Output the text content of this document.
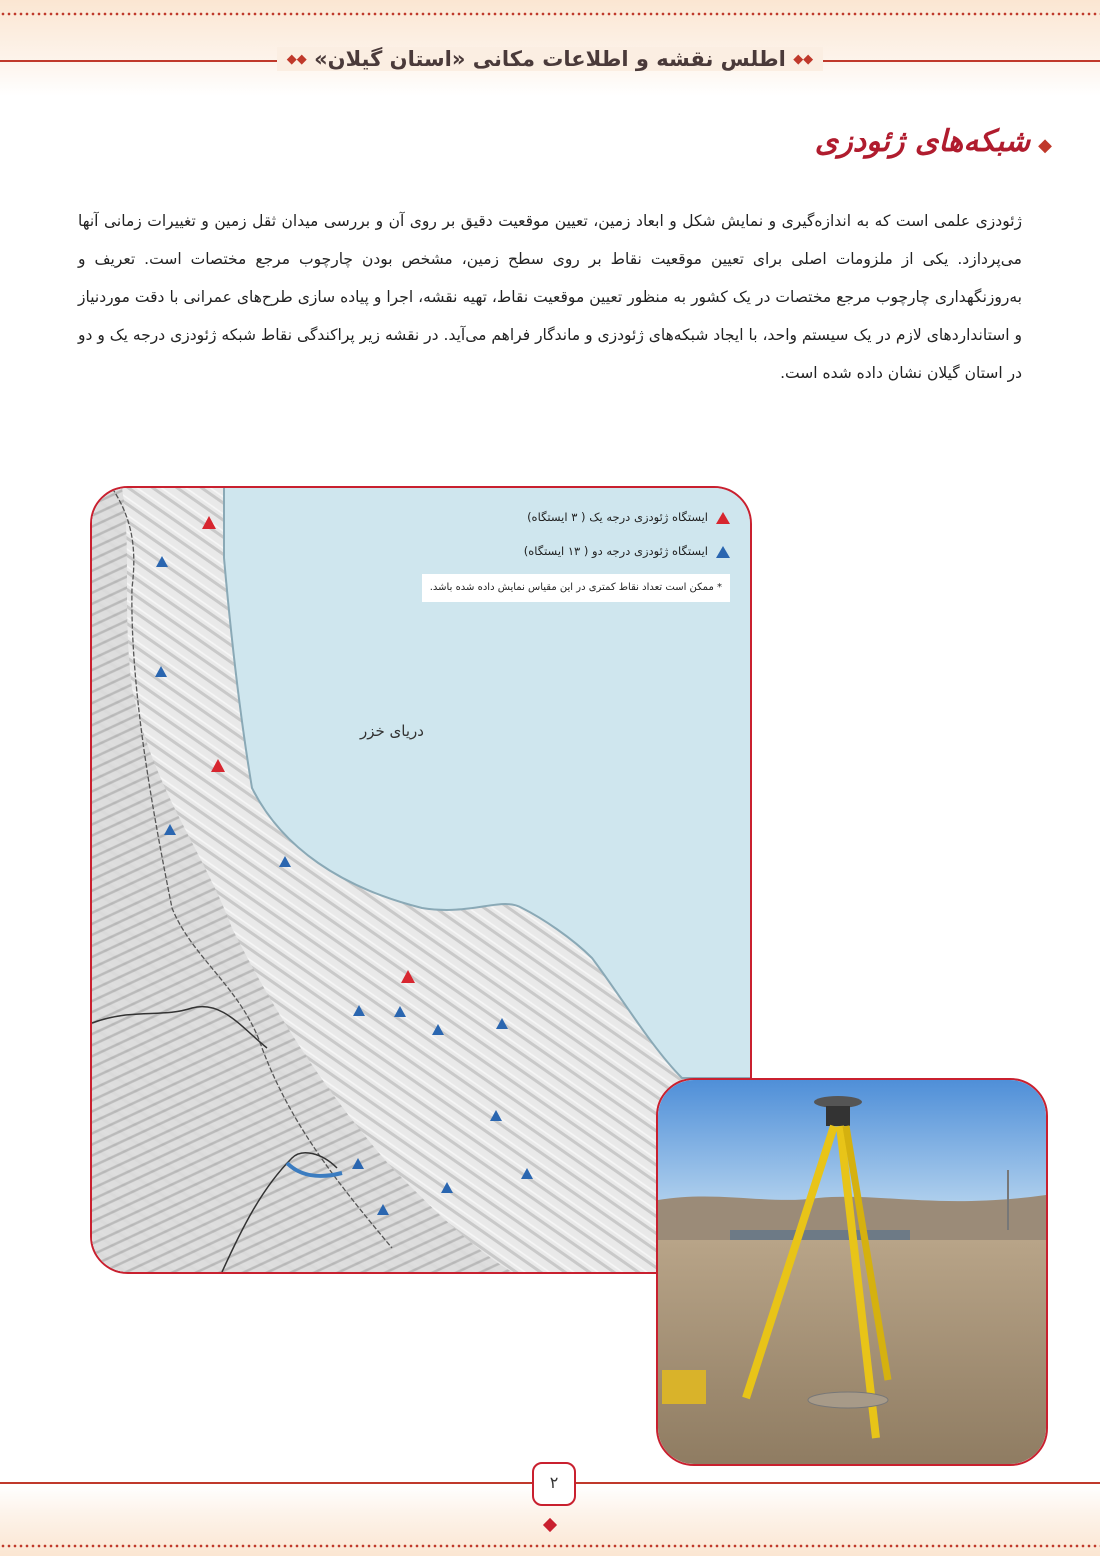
◆◆ اطلس نقشه و اطلاعات مکانی «استان گیلان» ◆◆
◆شبکه‌های ژئودزی
ژئودزی علمی است که به اندازه‌گیری و نمایش شکل و ابعاد زمین، تعیین موقعیت دقیق بر روی آن و بررسی میدان ثقل زمین و تغییرات زمانی آنها می‌پردازد. یکی از ملزومات اصلی برای تعیین موقعیت نقاط بر روی سطح زمین، مشخص بودن چارچوب مرجع مختصات است. تعریف و به‌روزنگهداری چارچوب مرجع مختصات در یک کشور به منظور تعیین موقعیت نقاط، تهیه نقشه، اجرا و پیاده سازی طرح‌های عمرانی با دقت موردنیاز و استانداردهای لازم در یک سیستم واحد، با ایجاد شبکه‌های ژئودزی و ماندگار فراهم می‌آید. در نقشه زیر پراکندگی نقاط شبکه ژئودزی درجه یک و دو در استان گیلان نشان داده شده است.
ایستگاه ژئودزی درجه یک ( ۳ ایستگاه)
ایستگاه ژئودزی درجه دو ( ۱۳ ایستگاه)
* ممکن است تعداد نقاط کمتری در این مقیاس نمایش داده شده باشد.
دریای خزر
۲
